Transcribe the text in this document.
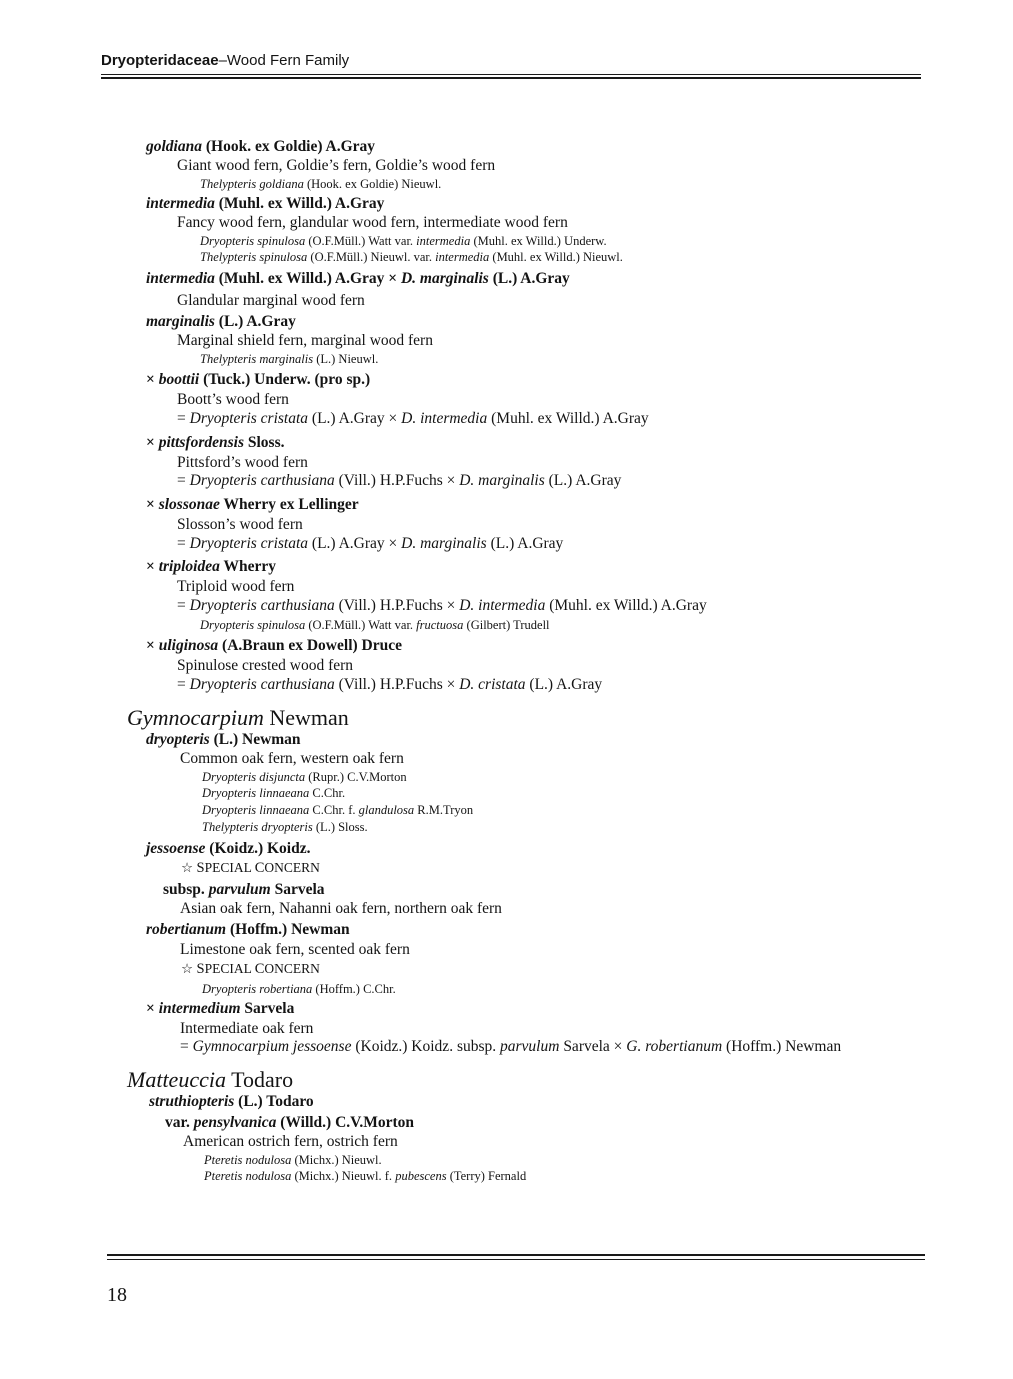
Dryopteridaceae–Wood Fern Family
goldiana (Hook. ex Goldie) A.Gray
Giant wood fern, Goldie’s fern, Goldie’s wood fern
Thelypteris goldiana (Hook. ex Goldie) Nieuwl.
intermedia (Muhl. ex Willd.) A.Gray
Fancy wood fern, glandular wood fern, intermediate wood fern
Dryopteris spinulosa (O.F.Müll.) Watt var. intermedia (Muhl. ex Willd.) Underw.
Thelypteris spinulosa (O.F.Müll.) Nieuwl. var. intermedia (Muhl. ex Willd.) Nieuwl.
intermedia (Muhl. ex Willd.) A.Gray × D. marginalis (L.) A.Gray
Glandular marginal wood fern
marginalis (L.) A.Gray
Marginal shield fern, marginal wood fern
Thelypteris marginalis (L.) Nieuwl.
× boottii (Tuck.) Underw. (pro sp.)
Boott’s wood fern
= Dryopteris cristata (L.) A.Gray × D. intermedia (Muhl. ex Willd.) A.Gray
× pittsfordensis Sloss.
Pittsford’s wood fern
= Dryopteris carthusiana (Vill.) H.P.Fuchs × D. marginalis (L.) A.Gray
× slossonae Wherry ex Lellinger
Slosson’s wood fern
= Dryopteris cristata (L.) A.Gray × D. marginalis (L.) A.Gray
× triploidea Wherry
Triploid wood fern
= Dryopteris carthusiana (Vill.) H.P.Fuchs × D. intermedia (Muhl. ex Willd.) A.Gray
Dryopteris spinulosa (O.F.Müll.) Watt var. fructuosa (Gilbert) Trudell
× uliginosa (A.Braun ex Dowell) Druce
Spinulose crested wood fern
= Dryopteris carthusiana (Vill.) H.P.Fuchs × D. cristata (L.) A.Gray
Gymnocarpium Newman
dryopteris (L.) Newman
Common oak fern, western oak fern
Dryopteris disjuncta (Rupr.) C.V.Morton
Dryopteris linnaeana C.Chr.
Dryopteris linnaeana C.Chr. f. glandulosa R.M.Tryon
Thelypteris dryopteris (L.) Sloss.
jessoense (Koidz.) Koidz.
☆ SPECIAL CONCERN
subsp. parvulum Sarvela
Asian oak fern, Nahanni oak fern, northern oak fern
robertianum (Hoffm.) Newman
Limestone oak fern, scented oak fern
☆ SPECIAL CONCERN
Dryopteris robertiana (Hoffm.) C.Chr.
× intermedium Sarvela
Intermediate oak fern
= Gymnocarpium jessoense (Koidz.) Koidz. subsp. parvulum Sarvela × G. robertianum (Hoffm.) Newman
Matteuccia Todaro
struthiopteris (L.) Todaro
var. pensylvanica (Willd.) C.V.Morton
American ostrich fern, ostrich fern
Pteretis nodulosa (Michx.) Nieuwl.
Pteretis nodulosa (Michx.) Nieuwl. f. pubescens (Terry) Fernald
18
